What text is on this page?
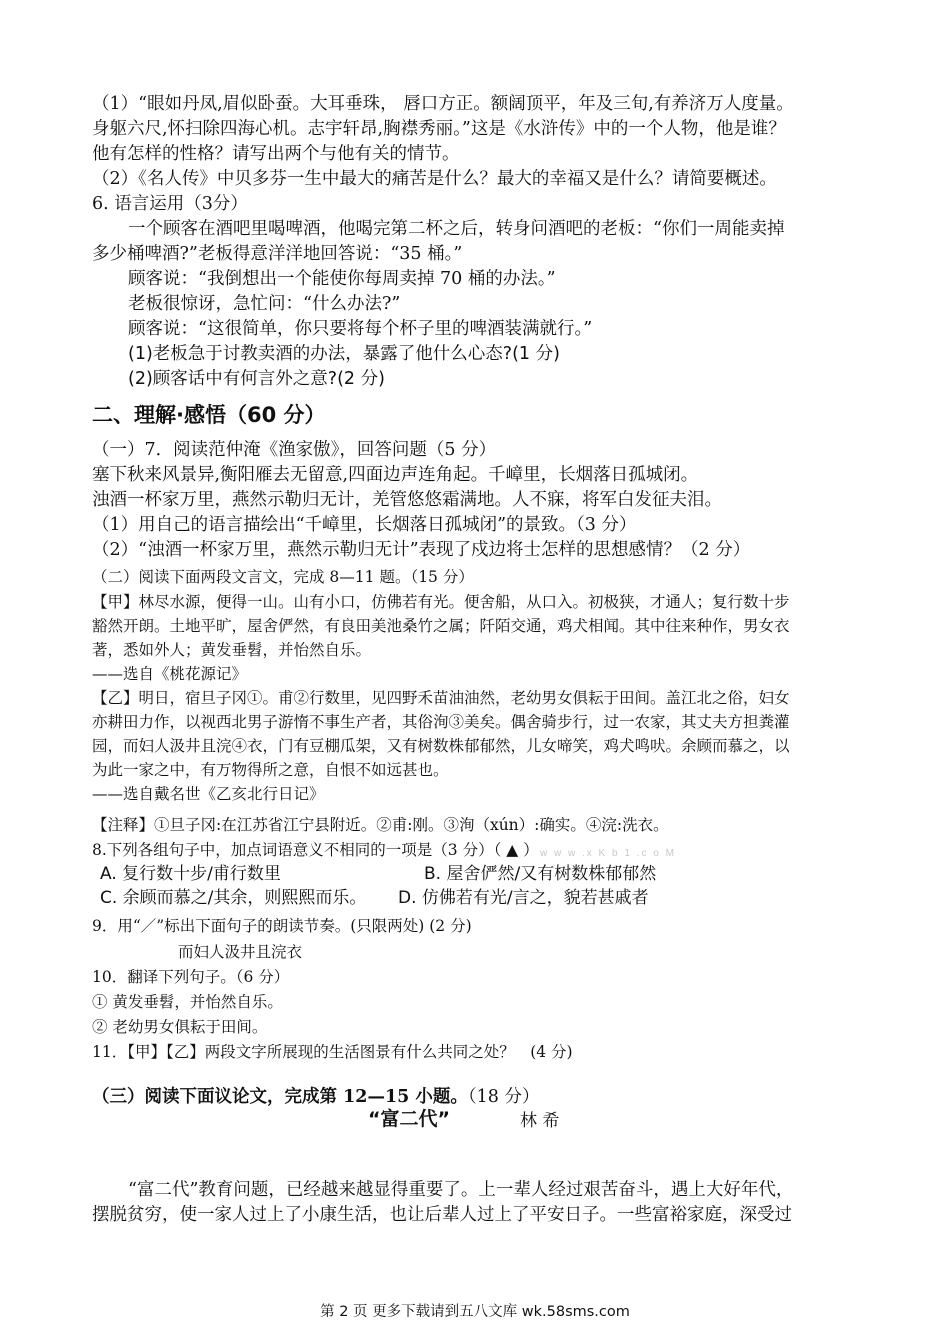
（1）“眼如丹凤,眉似卧蚕。大耳垂珠， 唇口方正。额阔顶平，年及三旬,有养济万人度量。
身躯六尺,怀扫除四海心机。志宇轩昂,胸襟秀丽。”这是《水浒传》中的一个人物，他是谁？
他有怎样的性格？请写出两个与他有关的情节。
（2）《名人传》中贝多芬一生中最大的痛苦是什么？最大的幸福又是什么？请简要概述。
6. 语言运用（3分）
一个顾客在酒吧里喝啤酒，他喝完第二杯之后，转身问酒吧的老板：“你们一周能卖掉
多少桶啤酒?”老板得意洋洋地回答说：“35 桶。”
顾客说：“我倒想出一个能使你每周卖掉 70 桶的办法。”
老板很惊讶，急忙问：“什么办法?”
顾客说：“这很简单，你只要将每个杯子里的啤酒装满就行。”
(1)老板急于讨教卖酒的办法，暴露了他什么心态?(1 分)
(2)顾客话中有何言外之意?(2 分)
二、理解·感悟（60 分）
（一）7．阅读范仲淹《渔家傲》，回答问题（5 分）
塞下秋来风景异,衡阳雁去无留意,四面边声连角起。千嶂里，长烟落日孤城闭。
浊酒一杯家万里，燕然示勒归无计，羌管悠悠霜满地。人不寐，将军白发征夫泪。
（1）用自己的语言描绘出“千嶂里，长烟落日孤城闭”的景致。（3 分）
（2）“浊酒一杯家万里，燕然示勒归无计”表现了戍边将士怎样的思想感情？（2 分）
（二）阅读下面两段文言文，完成 8—11 题。（15 分）
【甲】林尽水源，便得一山。山有小口，仿佛若有光。便舍船，从口入。初极狭，才通人；复行数十步
豁然开朗。土地平旷，屋舍俨然，有良田美池桑竹之属；阡陌交通，鸡犬相闻。其中往来种作，男女衣
著，悉如外人；黄发垂髫，并怡然自乐。
——选自《桃花源记》
【乙】明日，宿旦子冈①。甫②行数里，见四野禾苗油油然，老幼男女俱耘于田间。盖江北之俗，妇女
亦耕田力作，以视西北男子游惰不事生产者，其俗洵③美矣。偶舍骑步行，过一农家，其丈夫方担粪灌
园，而妇人汲井且浣④衣，门有豆棚瓜架，又有树数株郁郁然，儿女啼笑，鸡犬鸣吠。余顾而慕之，以
为此一家之中，有万物得所之意，自恨不如远甚也。
——选自戴名世《乙亥北行日记》
【注释】①旦子冈:在江苏省江宁县附近。②甫:刚。③洵（xún）:确实。④浣:洗衣。
8.下列各组句子中，加点词语意义不相同的一项是（3 分）（ ▲ ） w w w .x K b 1 .c o M
A. 复行数十步/甫行数里	B. 屋舍俨然/又有树数株郁郁然
C. 余顾而慕之/其余，则熙熙而乐。 D. 仿佛若有光/言之，貌若甚戚者
9．用“／”标出下面句子的朗读节奏。(只限两处) (2 分)
而妇人汲井且浣衣
10．翻译下列句子。（6 分）
① 黄发垂髫，并怡然自乐。
② 老幼男女俱耘于田间。
11．【甲】【乙】两段文字所展现的生活图景有什么共同之处？　(4 分)
（三）阅读下面议论文，完成第 12—15 小题。（18 分）
“富二代”	林 希
“富二代”教育问题，已经越来越显得重要了。上一辈人经过艰苦奋斗，遇上大好年代，
摆脱贫穷，使一家人过上了小康生活，也让后辈人过上了平安日子。一些富裕家庭，深受过
第 2 页 更多下载请到五八文库 wk.58sms.com
